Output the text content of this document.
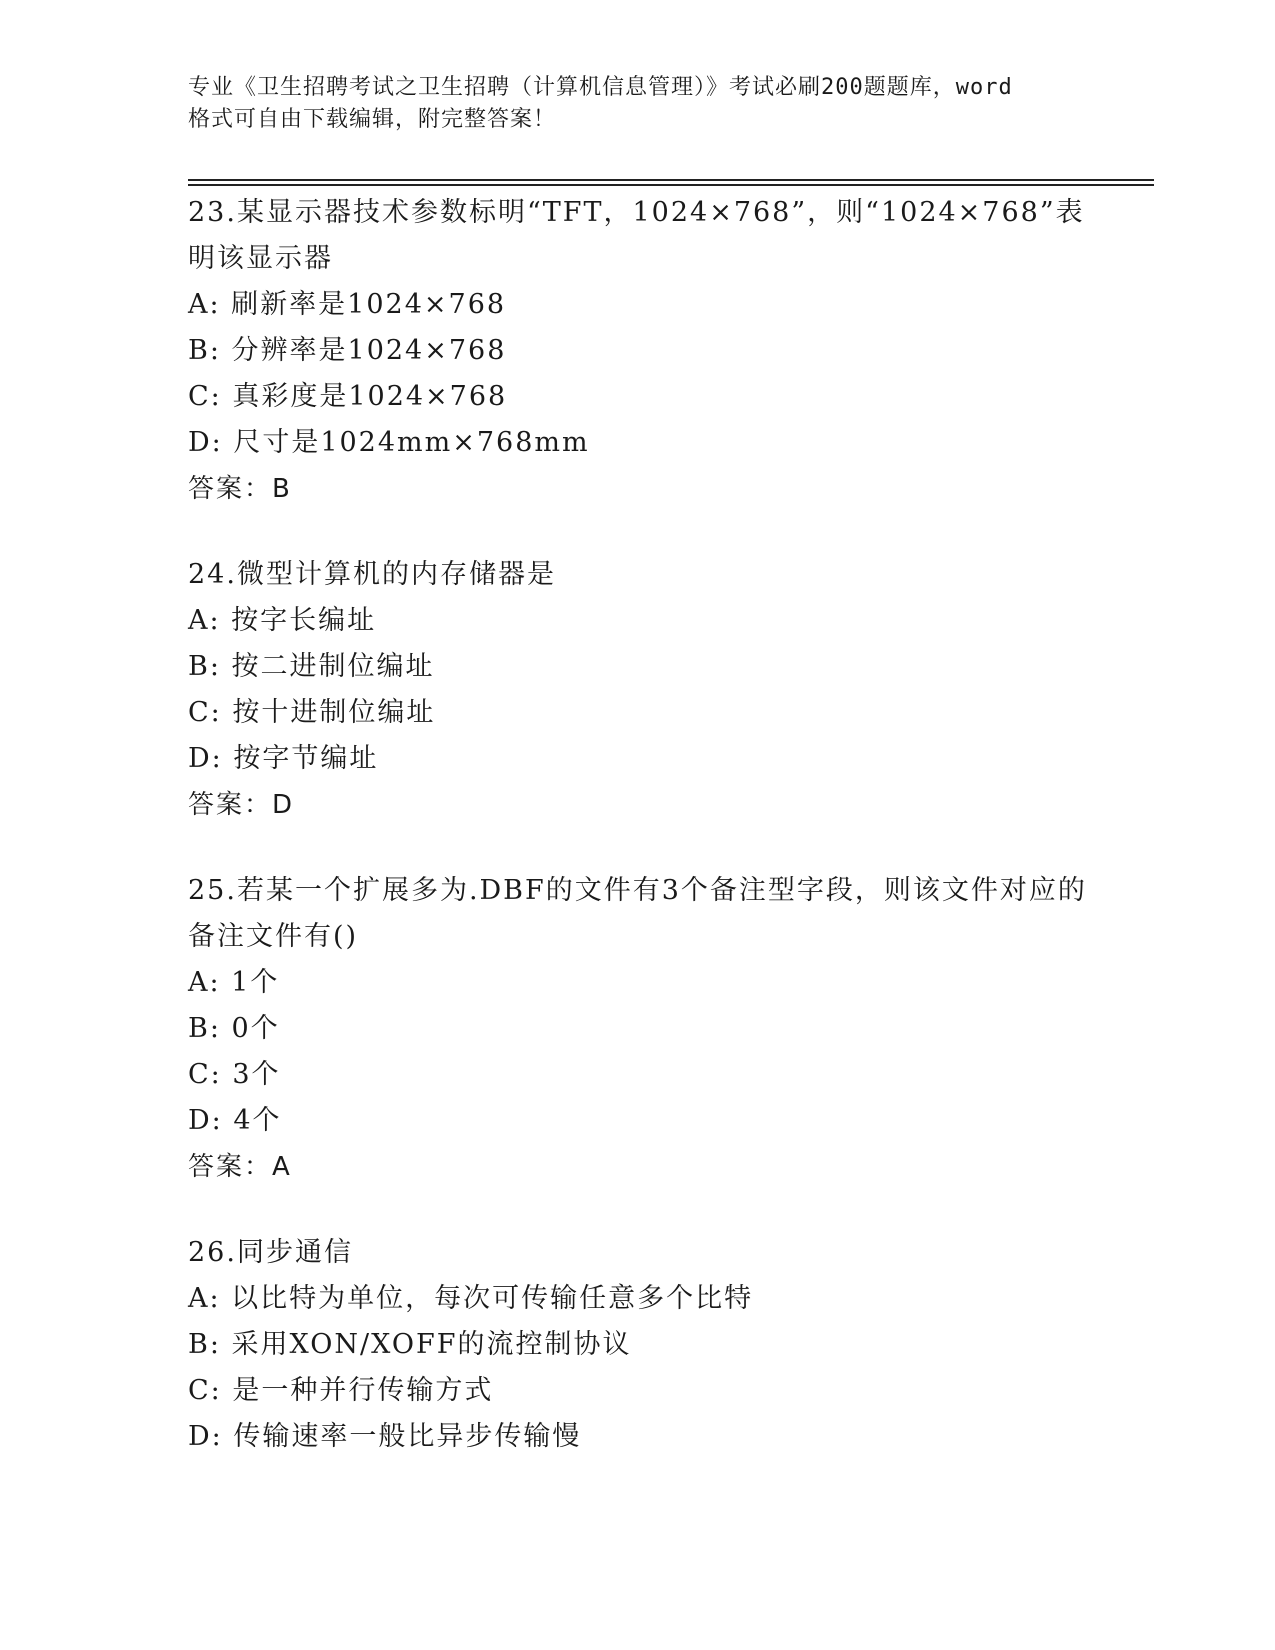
专业《卫生招聘考试之卫生招聘（计算机信息管理）》考试必刷200题题库，word
格式可自由下载编辑，附完整答案！
23.某显示器技术参数标明“TFT，1024×768”，则“1024×768”表
明该显示器
A: 刷新率是1024×768
B: 分辨率是1024×768
C: 真彩度是1024×768
D: 尺寸是1024mm×768mm
答案：B
24.微型计算机的内存储器是
A: 按字长编址
B: 按二进制位编址
C: 按十进制位编址
D: 按字节编址
答案：D
25.若某一个扩展多为.DBF的文件有3个备注型字段，则该文件对应的
备注文件有()
A: 1个
B: 0个
C: 3个
D: 4个
答案：A
26.同步通信
A: 以比特为单位，每次可传输任意多个比特
B: 采用XON/XOFF的流控制协议
C: 是一种并行传输方式
D: 传输速率一般比异步传输慢
